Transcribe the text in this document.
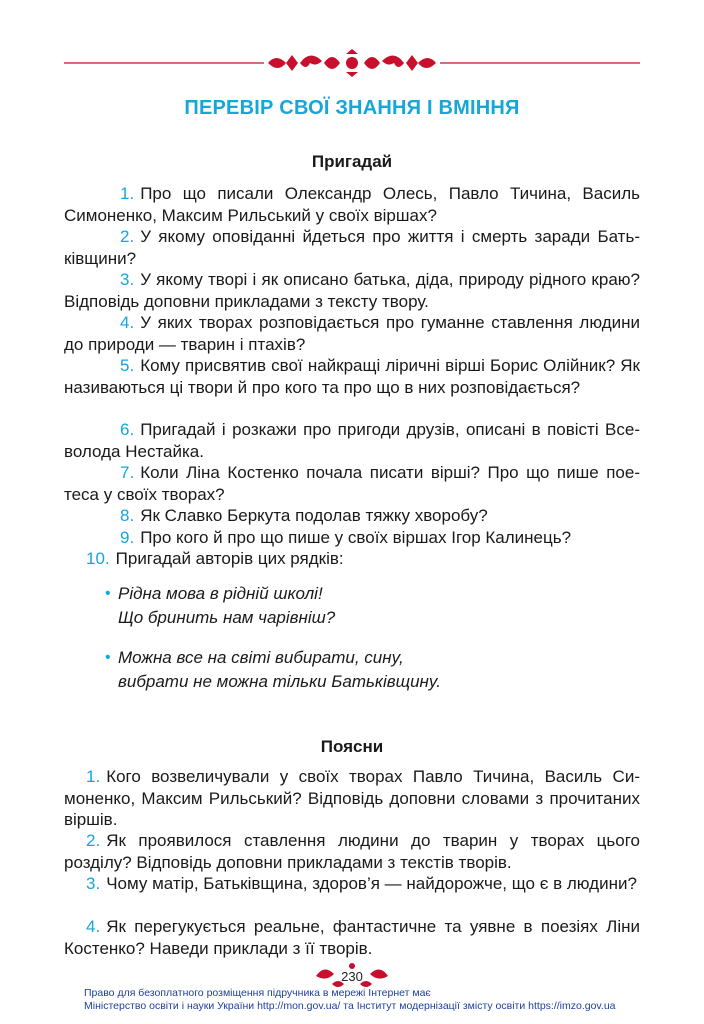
ПЕРЕВІР СВОЇ ЗНАННЯ І ВМІННЯ
Пригадай

1. Про що писали Олександр Олесь, Павло Тичина, Василь Симоненко, Максим Рильський у своїх віршах?

2. У якому оповіданні йдеться про життя і смерть заради Батьківщини?

3. У якому творі і як описано батька, діда, природу рідного краю? Відповідь доповни прикладами з тексту твору.

4. У яких творах розповідається про гуманне ставлення людини до природи — тварин і птахів?

5. Кому присвятив свої найкращі ліричні вірші Борис Олійник? Як називаються ці твори й про кого та про що в них розповідається?

6. Пригадай і розкажи про пригоди друзів, описані в повісті Всеволода Нестайка.

7. Коли Ліна Костенко почала писати вірші? Про що пише поетеса у своїх творах?

8. Як Славко Беркута подолав тяжку хворобу?

9. Про кого й про що пише у своїх віршах Ігор Калинець?

10. Пригадай авторів цих рядків:

• Рідна мова в рідній школі!
Що бринить нам чарівніш?
• Можна все на світі вибирати, сину,
вибрати не можна тільки Батьківщину.
Поясни

1. Кого возвеличували у своїх творах Павло Тичина, Василь Симоненко, Максим Рильський? Відповідь доповни словами з прочитаних віршів.

2. Як проявилося ставлення людини до тварин у творах цього розділу? Відповідь доповни прикладами з текстів творів.

3. Чому матір, Батьківщина, здоров’я — найдорожче, що є в людини?

4. Як перегукується реальне, фантастичне та уявне в поезіях Ліни Костенко? Наведи приклади з її творів.

230
Право для безоплатного розміщення підручника в мережі Інтернет має
Міністерство освіти і науки України http://mon.gov.ua/ та Інститут модернізації змісту освіти https://imzo.gov.ua
